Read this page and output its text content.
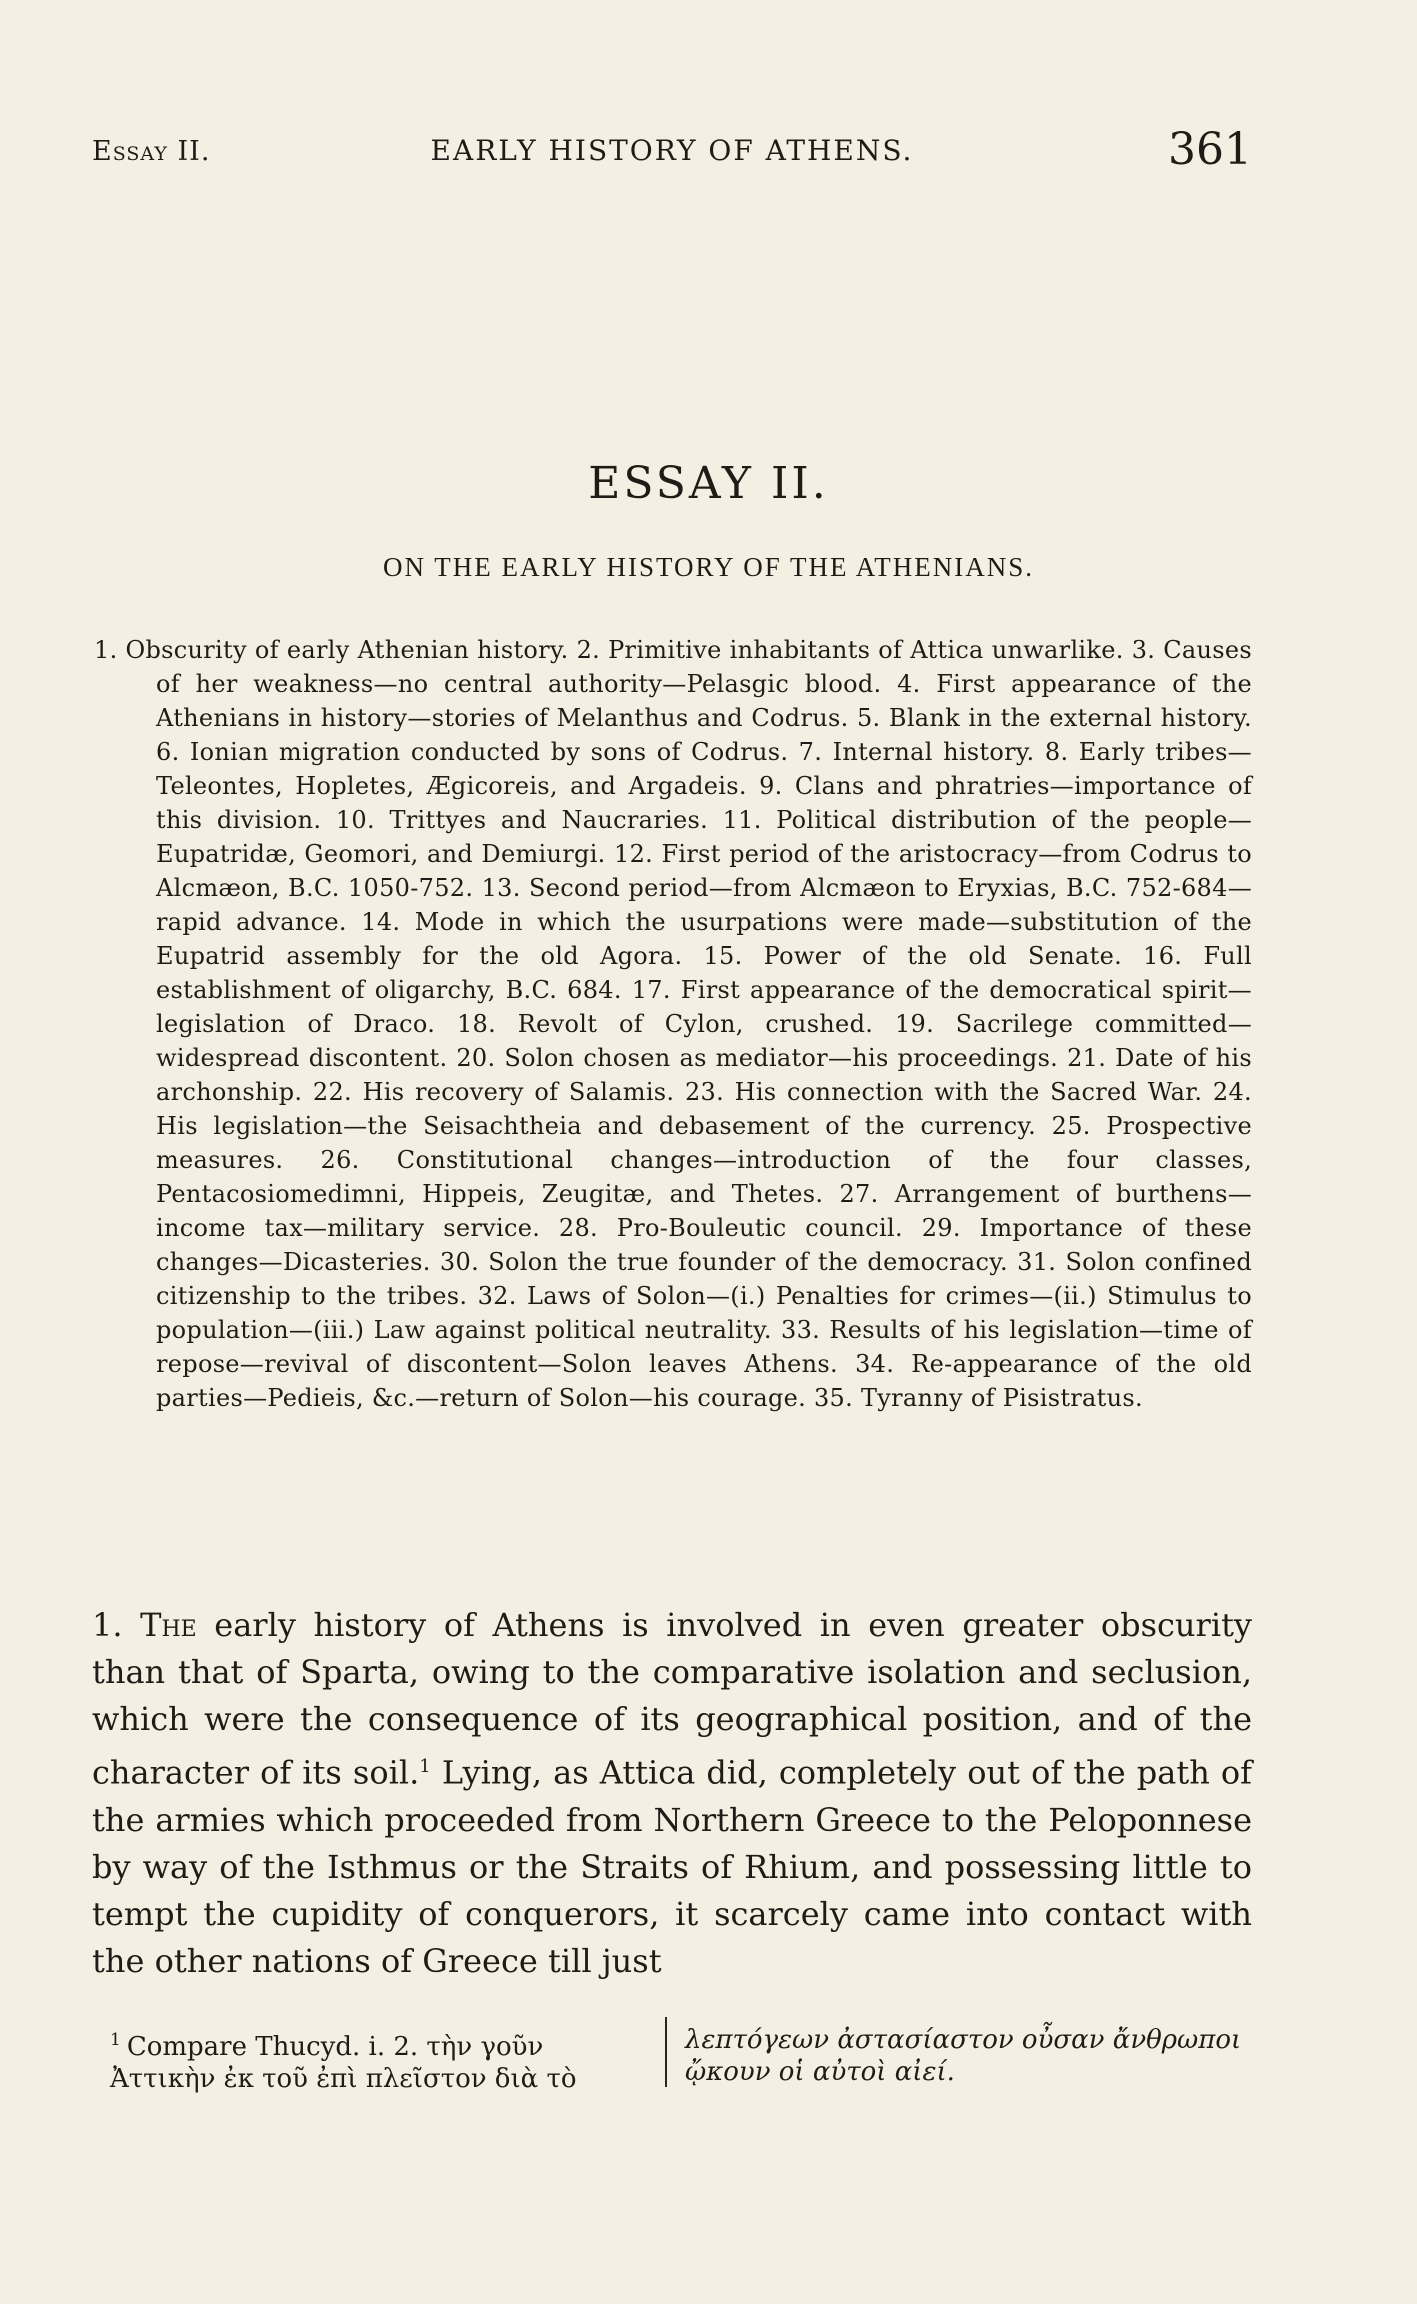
Essay II.	EARLY HISTORY OF ATHENS.	361
ESSAY II.
ON THE EARLY HISTORY OF THE ATHENIANS.
1. Obscurity of early Athenian history. 2. Primitive inhabitants of Attica unwarlike. 3. Causes of her weakness—no central authority—Pelasgic blood. 4. First appearance of the Athenians in history—stories of Melanthus and Codrus. 5. Blank in the external history. 6. Ionian migration conducted by sons of Codrus. 7. Internal history. 8. Early tribes—Teleontes, Hopletes, Ægicoreis, and Argadeis. 9. Clans and phratries—importance of this division. 10. Trittyes and Naucraries. 11. Political distribution of the people—Eupatridæ, Geomori, and Demiurgi. 12. First period of the aristocracy—from Codrus to Alcmæon, B.C. 1050-752. 13. Second period—from Alcmæon to Eryxias, B.C. 752-684—rapid advance. 14. Mode in which the usurpations were made—substitution of the Eupatrid assembly for the old Agora. 15. Power of the old Senate. 16. Full establishment of oligarchy, B.C. 684. 17. First appearance of the democratical spirit—legislation of Draco. 18. Revolt of Cylon, crushed. 19. Sacrilege committed—widespread discontent. 20. Solon chosen as mediator—his proceedings. 21. Date of his archonship. 22. His recovery of Salamis. 23. His connection with the Sacred War. 24. His legislation—the Seisachtheia and debasement of the currency. 25. Prospective measures. 26. Constitutional changes—introduction of the four classes, Pentacosiomedimni, Hippeis, Zeugitæ, and Thetes. 27. Arrangement of burthens—income tax—military service. 28. Pro-Bouleutic council. 29. Importance of these changes—Dicasteries. 30. Solon the true founder of the democracy. 31. Solon confined citizenship to the tribes. 32. Laws of Solon—(i.) Penalties for crimes—(ii.) Stimulus to population—(iii.) Law against political neutrality. 33. Results of his legislation—time of repose—revival of discontent—Solon leaves Athens. 34. Re-appearance of the old parties—Pedieis, &c.—return of Solon—his courage. 35. Tyranny of Pisistratus.
1. The early history of Athens is involved in even greater obscurity than that of Sparta, owing to the comparative isolation and seclusion, which were the consequence of its geographical position, and of the character of its soil.$^1$ Lying, as Attica did, completely out of the path of the armies which proceeded from Northern Greece to the Peloponnese by way of the Isthmus or the Straits of Rhium, and possessing little to tempt the cupidity of conquerors, it scarcely came into contact with the other nations of Greece till just
$^1$ Compare Thucyd. i. 2. τὴν γοῦν Ἀττικὴν ἐκ τοῦ ἐπὶ πλεῖστον διὰ τὸ
λεπτόγεων ἀστασίαστον οὖσαν ἄνθρωποι ᾤκουν οἱ αὐτοὶ αἰεί.
